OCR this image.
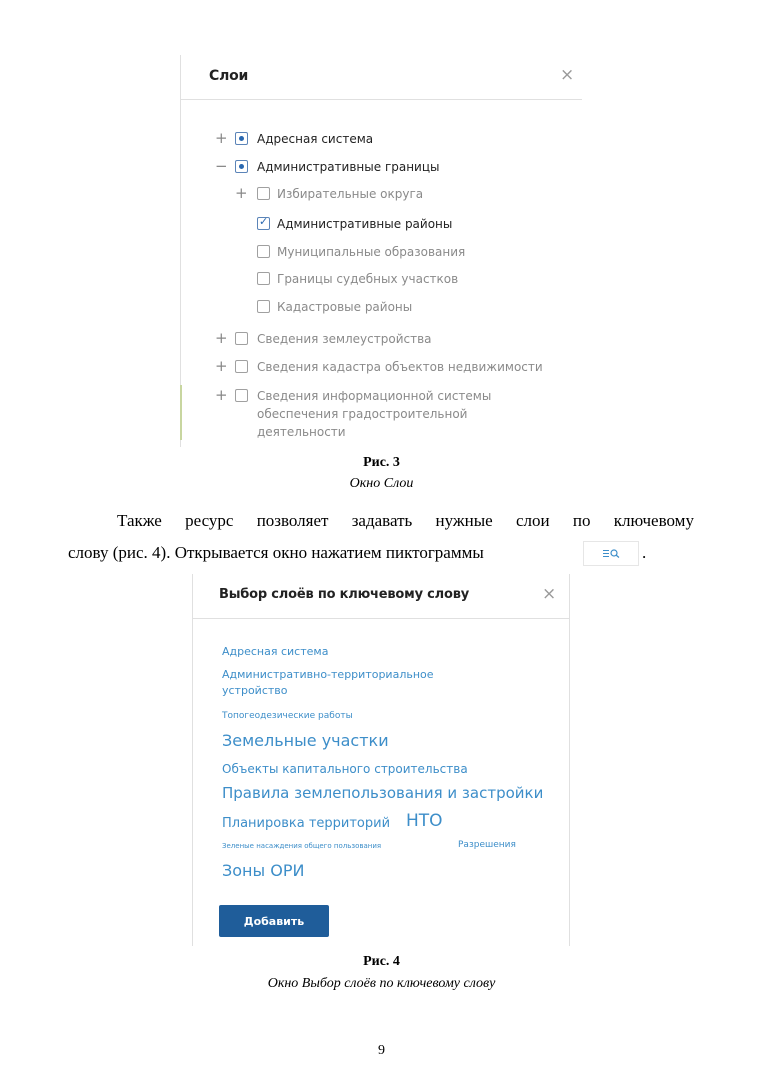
Слои	×
+ Адресная система
− Административные границы
+ Избирательные округа
✓
Административные районы
Муниципальные образования
Границы судебных участков
Кадастровые районы
+ Сведения землеустройства
+ Сведения кадастра объектов недвижимости
+ Сведения информационной системы
обеспечения градостроительной
деятельности
Рис. 3
Окно Слои
Также ресурс позволяет задавать нужные слои по ключевому
слову (рис. 4). Открывается окно нажатием пиктограммы	.
Выбор слоёв по ключевому слову	×
Адресная система
Административно-территориальное
устройство
Топогеодезические работы
Земельные участки
Объекты капитального строительства
Правила землепользования и застройки
Планировка территорий НТО
Зеленые насаждения общего пользования	Разрешения
Зоны ОРИ
Добавить
Рис. 4
Окно Выбор слоёв по ключевому слову
9
